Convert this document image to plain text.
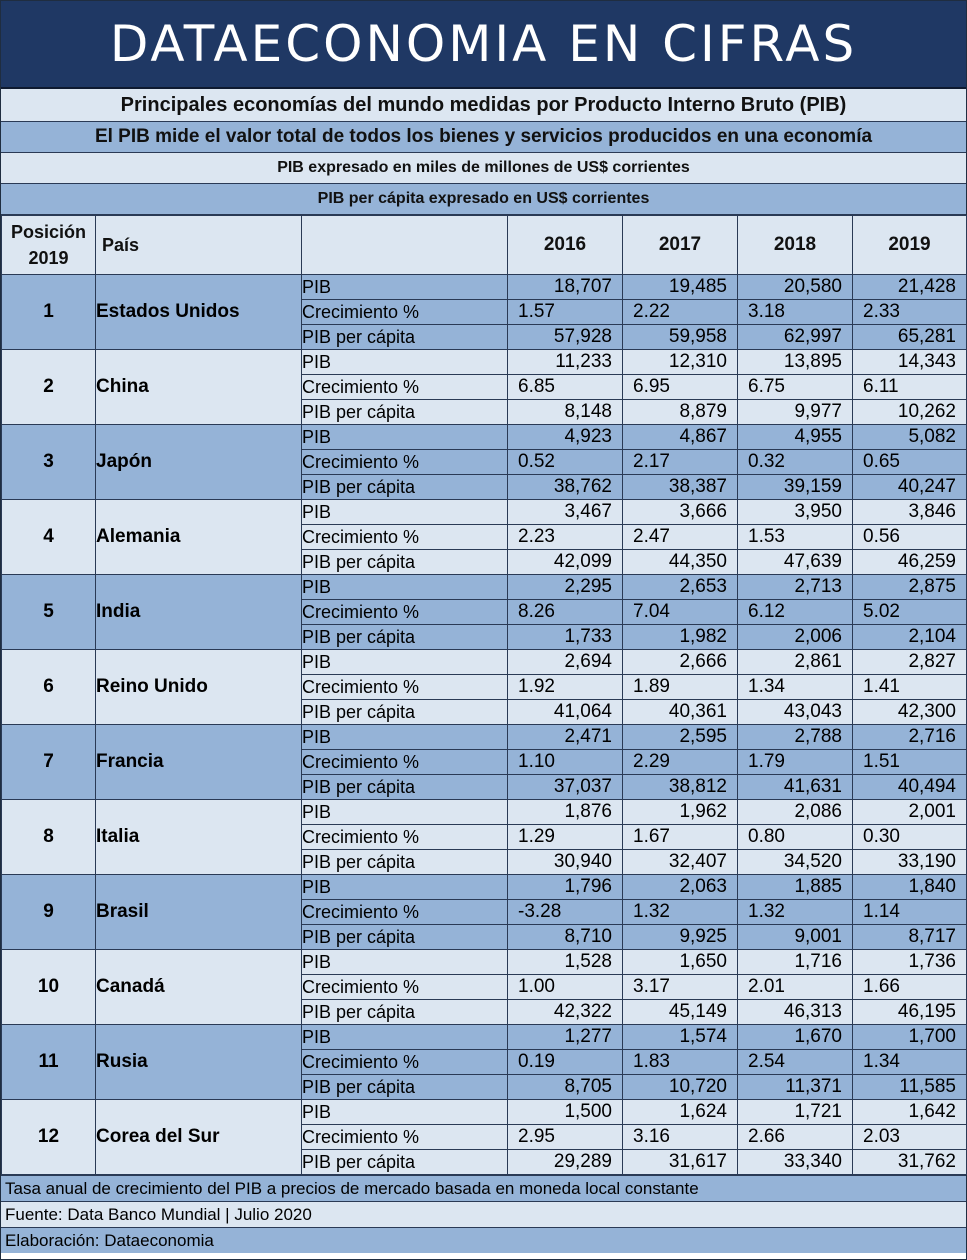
DATAECONOMIA EN CIFRAS
Principales economías del mundo medidas por Producto Interno Bruto (PIB)
El PIB mide el valor total de todos los bienes y servicios producidos en una economía
PIB expresado en miles de millones de US$ corrientes
PIB per cápita expresado en US$ corrientes
Posición
2019	País		2016	2017	2018	2019
1	Estados Unidos	PIB	18,707	19,485	20,580	21,428
		Crecimiento %	1.57	2.22	3.18	2.33
		PIB per cápita	57,928	59,958	62,997	65,281
2	China	PIB	11,233	12,310	13,895	14,343
		Crecimiento %	6.85	6.95	6.75	6.11
		PIB per cápita	8,148	8,879	9,977	10,262
3	Japón	PIB	4,923	4,867	4,955	5,082
		Crecimiento %	0.52	2.17	0.32	0.65
		PIB per cápita	38,762	38,387	39,159	40,247
4	Alemania	PIB	3,467	3,666	3,950	3,846
		Crecimiento %	2.23	2.47	1.53	0.56
		PIB per cápita	42,099	44,350	47,639	46,259
5	India	PIB	2,295	2,653	2,713	2,875
		Crecimiento %	8.26	7.04	6.12	5.02
		PIB per cápita	1,733	1,982	2,006	2,104
6	Reino Unido	PIB	2,694	2,666	2,861	2,827
		Crecimiento %	1.92	1.89	1.34	1.41
		PIB per cápita	41,064	40,361	43,043	42,300
7	Francia	PIB	2,471	2,595	2,788	2,716
		Crecimiento %	1.10	2.29	1.79	1.51
		PIB per cápita	37,037	38,812	41,631	40,494
8	Italia	PIB	1,876	1,962	2,086	2,001
		Crecimiento %	1.29	1.67	0.80	0.30
		PIB per cápita	30,940	32,407	34,520	33,190
9	Brasil	PIB	1,796	2,063	1,885	1,840
		Crecimiento %	-3.28	1.32	1.32	1.14
		PIB per cápita	8,710	9,925	9,001	8,717
10	Canadá	PIB	1,528	1,650	1,716	1,736
		Crecimiento %	1.00	3.17	2.01	1.66
		PIB per cápita	42,322	45,149	46,313	46,195
11	Rusia	PIB	1,277	1,574	1,670	1,700
		Crecimiento %	0.19	1.83	2.54	1.34
		PIB per cápita	8,705	10,720	11,371	11,585
12	Corea del Sur	PIB	1,500	1,624	1,721	1,642
		Crecimiento %	2.95	3.16	2.66	2.03
		PIB per cápita	29,289	31,617	33,340	31,762
Tasa anual de crecimiento del PIB a precios de mercado basada en moneda local constante
Fuente: Data Banco Mundial | Julio 2020
Elaboración: Dataeconomia
